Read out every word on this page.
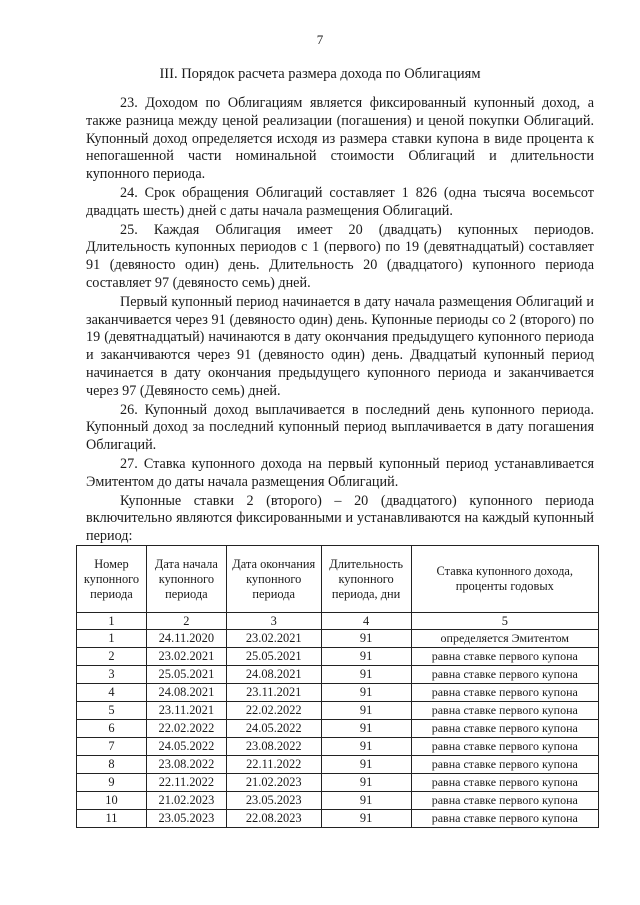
7
III. Порядок расчета размера дохода по Облигациям

23. Доходом по Облигациям является фиксированный купонный доход, а также разница между ценой реализации (погашения) и ценой покупки Облигаций. Купонный доход определяется исходя из размера ставки купона в виде процента к непогашенной части номинальной стоимости Облигаций и длительности купонного периода.

24. Срок обращения Облигаций составляет 1 826 (одна тысяча восемьсот двадцать шесть) дней с даты начала размещения Облигаций.

25. Каждая Облигация имеет 20 (двадцать) купонных периодов. Длительность купонных периодов с 1 (первого) по 19 (девятнадцатый) составляет 91 (девяносто один) день. Длительность 20 (двадцатого) купонного периода составляет 97 (девяносто семь) дней.

Первый купонный период начинается в дату начала размещения Облигаций и заканчивается через 91 (девяносто один) день. Купонные периоды со 2 (второго) по 19 (девятнадцатый) начинаются в дату окончания предыдущего купонного периода и заканчиваются через 91 (девяносто один) день. Двадцатый купонный период начинается в дату окончания предыдущего купонного периода и заканчивается через 97 (Девяносто семь) дней.

26. Купонный доход выплачивается в последний день купонного периода. Купонный доход за последний купонный период выплачивается в дату погашения Облигаций.

27. Ставка купонного дохода на первый купонный период устанавливается Эмитентом до даты начала размещения Облигаций.

Купонные ставки 2 (второго) – 20 (двадцатого) купонного периода включительно являются фиксированными и устанавливаются на каждый купонный период:

Номер купонного периода	Дата начала купонного периода	Дата окончания купонного периода	Длительность купонного периода, дни	Ставка купонного дохода, проценты годовых
1	2	3	4	5
1	24.11.2020	23.02.2021	91	определяется Эмитентом
2	23.02.2021	25.05.2021	91	равна ставке первого купона
3	25.05.2021	24.08.2021	91	равна ставке первого купона
4	24.08.2021	23.11.2021	91	равна ставке первого купона
5	23.11.2021	22.02.2022	91	равна ставке первого купона
6	22.02.2022	24.05.2022	91	равна ставке первого купона
7	24.05.2022	23.08.2022	91	равна ставке первого купона
8	23.08.2022	22.11.2022	91	равна ставке первого купона
9	22.11.2022	21.02.2023	91	равна ставке первого купона
10	21.02.2023	23.05.2023	91	равна ставке первого купона
11	23.05.2023	22.08.2023	91	равна ставке первого купона
